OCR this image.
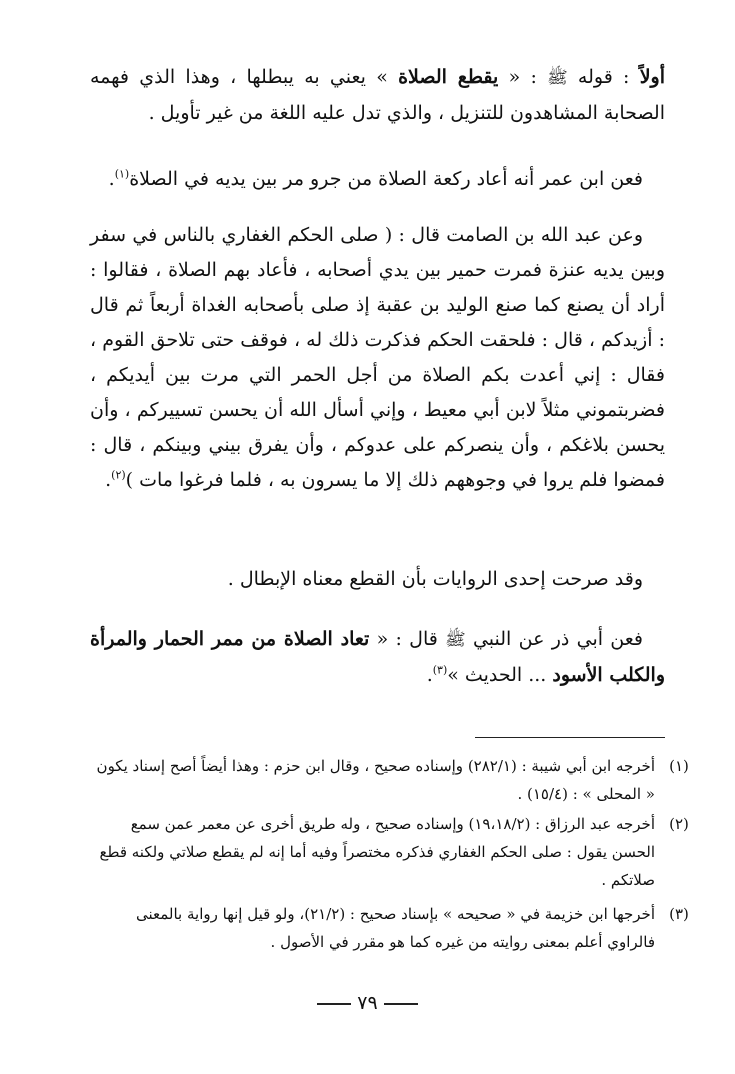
أولاً : قوله ﷺ : « يقطع الصلاة » يعني به يبطلها ، وهذا الذي فهمه الصحابة المشاهدون للتنزيل ، والذي تدل عليه اللغة من غير تأويل .

فعن ابن عمر أنه أعاد ركعة الصلاة من جرو مر بين يديه في الصلاة$^{(١)}$.

وعن عبد الله بن الصامت قال : ( صلى الحكم الغفاري بالناس في سفر وبين يديه عنزة فمرت حمير بين يدي أصحابه ، فأعاد بهم الصلاة ، فقالوا : أراد أن يصنع كما صنع الوليد بن عقبة إذ صلى بأصحابه الغداة أربعاً ثم قال : أزيدكم ، قال : فلحقت الحكم فذكرت ذلك له ، فوقف حتى تلاحق القوم ، فقال : إني أعدت بكم الصلاة من أجل الحمر التي مرت بين أيديكم ، فضربتموني مثلاً لابن أبي معيط ، وإني أسأل الله أن يحسن تسييركم ، وأن يحسن بلاغكم ، وأن ينصركم على عدوكم ، وأن يفرق بيني وبينكم ، قال : فمضوا فلم يروا في وجوههم ذلك إلا ما يسرون به ، فلما فرغوا مات )$^{(٢)}$.

وقد صرحت إحدى الروايات بأن القطع معناه الإبطال .

فعن أبي ذر عن النبي ﷺ قال : « تعاد الصلاة من ممر الحمار والمرأة والكلب الأسود ... الحديث »$^{(٣)}$.

(١)
أخرجه ابن أبي شيبة : (٢٨٢/١) وإسناده صحيح ، وقال ابن حزم : وهذا أيضاً أصح إسناد يكون « المحلى » : (١٥/٤) .
(٢)
أخرجه عبد الرزاق : (١٩،١٨/٢) وإسناده صحيح ، وله طريق أخرى عن معمر عمن سمع الحسن يقول : صلى الحكم الغفاري فذكره مختصراً وفيه أما إنه لم يقطع صلاتي ولكنه قطع صلاتكم .
(٣)
أخرجها ابن خزيمة في « صحيحه » بإسناد صحيح : (٢١/٢)، ولو قيل إنها رواية بالمعنى فالراوي أعلم بمعنى روايته من غيره كما هو مقرر في الأصول .
٧٩
